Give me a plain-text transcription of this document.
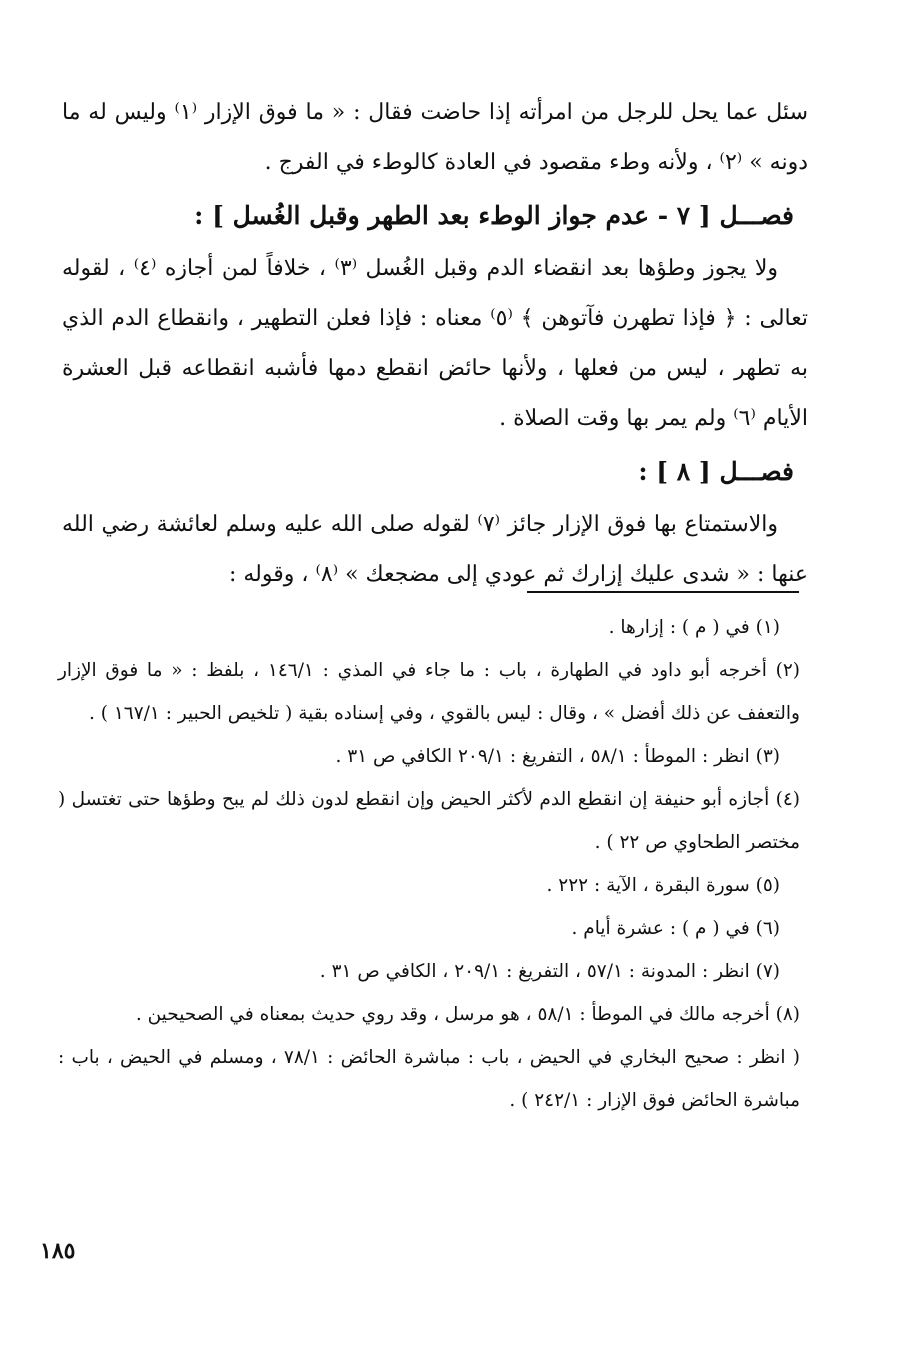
سئل عما يحل للرجل من امرأته إذا حاضت فقال : « ما فوق الإزار ⁽١⁾ وليس له ما دونه » ⁽٢⁾ ، ولأنه وطء مقصود في العادة كالوطء في الفرج .

فصـــل [ ٧ - عدم جواز الوطء بعد الطهر وقبل الغُسل ] :

ولا يجوز وطؤها بعد انقضاء الدم وقبل الغُسل ⁽٣⁾ ، خلافاً لمن أجازه ⁽٤⁾ ، لقوله تعالى : ﴿ فإذا تطهرن فآتوهن ﴾ ⁽٥⁾ معناه : فإذا فعلن التطهير ، وانقطاع الدم الذي به تطهر ، ليس من فعلها ، ولأنها حائض انقطع دمها فأشبه انقطاعه قبل العشرة الأيام ⁽٦⁾ ولم يمر بها وقت الصلاة .

فصـــل [ ٨ ] :

والاستمتاع بها فوق الإزار جائز ⁽٧⁾ لقوله صلى الله عليه وسلم لعائشة رضي الله عنها : « شدى عليك إزارك ثم عودي إلى مضجعك » ⁽٨⁾ ، وقوله :

(١) في ( م ) : إزارها .

(٢) أخرجه أبو داود في الطهارة ، باب : ما جاء في المذي : ١٤٦/١ ، بلفظ : « ما فوق الإزار والتعفف عن ذلك أفضل » ، وقال : ليس بالقوي ، وفي إسناده بقية ( تلخيص الحبير : ١٦٧/١ ) .

(٣) انظر : الموطأ : ٥٨/١ ، التفريغ : ٢٠٩/١ الكافي ص ٣١ .

(٤) أجازه أبو حنيفة إن انقطع الدم لأكثر الحيض وإن انقطع لدون ذلك لم يبح وطؤها حتى تغتسل ( مختصر الطحاوي ص ٢٢ ) .

(٥) سورة البقرة ، الآية : ٢٢٢ .

(٦) في ( م ) : عشرة أيام .

(٧) انظر : المدونة : ٥٧/١ ، التفريغ : ٢٠٩/١ ، الكافي ص ٣١ .

(٨) أخرجه مالك في الموطأ : ٥٨/١ ، هو مرسل ، وقد روي حديث بمعناه في الصحيحين .

( انظر : صحيح البخاري في الحيض ، باب : مباشرة الحائض : ٧٨/١ ، ومسلم في الحيض ، باب : مباشرة الحائض فوق الإزار : ٢٤٢/١ ) .

١٨٥
